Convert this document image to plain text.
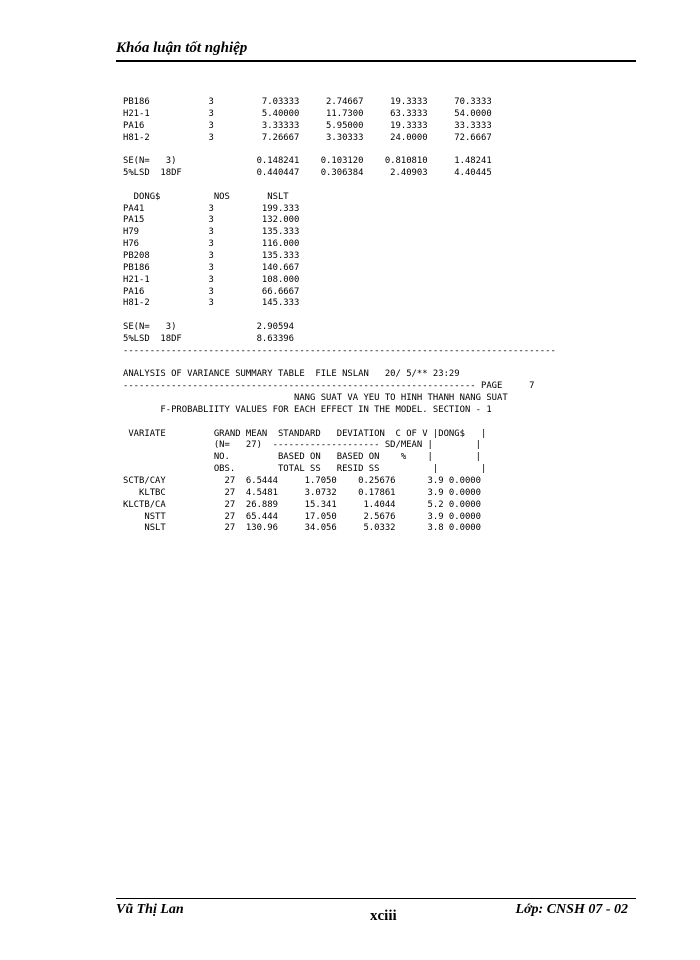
Khóa luận tốt nghiệp
PB186           3         7.03333     2.74667     19.3333     70.3333
H21-1           3         5.40000     11.7300     63.3333     54.0000
PA16            3         3.33333     5.95000     19.3333     33.3333
H81-2           3         7.26667     3.30333     24.0000     72.6667

SE(N=   3)               0.148241    0.103120    0.810810     1.48241
5%LSD  18DF              0.440447    0.306384     2.40903     4.40445

DONG$          NOS       NSLT
PA41            3         199.333
PA15            3         132.000
H79             3         135.333
H76             3         116.000
PB208           3         135.333
PB186           3         140.667
H21-1           3         108.000
PA16            3         66.6667
H81-2           3         145.333

SE(N=   3)               2.90594
5%LSD  18DF              8.63396
---------------------------------------------------------------------------------

ANALYSIS OF VARIANCE SUMMARY TABLE  FILE NSLAN   20/ 5/** 23:29
------------------------------------------------------------------ PAGE     7
NANG SUAT VA YEU TO HINH THANH NANG SUAT
F-PROBABLIITY VALUES FOR EACH EFFECT IN THE MODEL. SECTION - 1

VARIATE         GRAND MEAN  STANDARD   DEVIATION  C OF V |DONG$   |
(N=   27)  -------------------- SD/MEAN |        |
NO.         BASED ON   BASED ON    %    |        |
OBS.        TOTAL SS   RESID SS          |        |
SCTB/CAY           27  6.5444     1.7050    0.25676      3.9 0.0000
KLTBC           27  4.5481     3.0732    0.17861      3.9 0.0000
KLCTB/CA           27  26.889     15.341     1.4044      5.2 0.0000
NSTT           27  65.444     17.050     2.5676      3.9 0.0000
NSLT           27  130.96     34.056     5.0332      3.8 0.0000
Vũ Thị Lan	xciii	Lớp: CNSH 07 - 02
